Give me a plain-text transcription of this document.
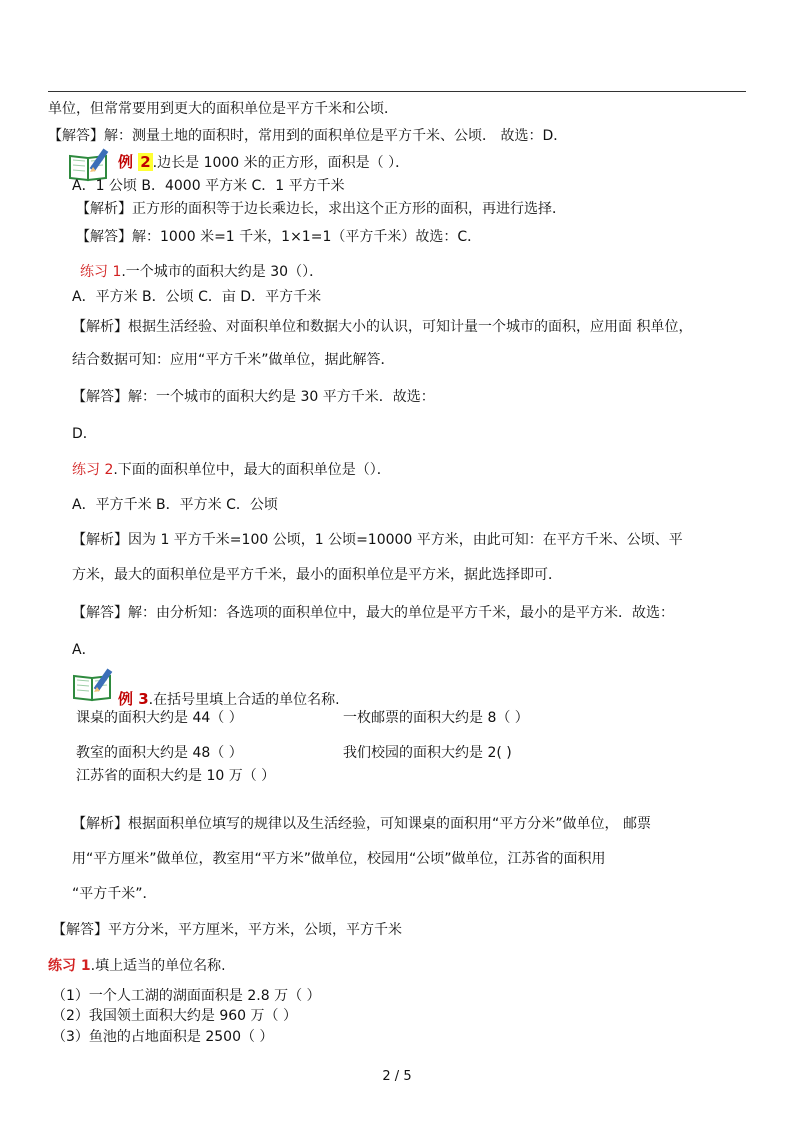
单位，但常常要用到更大的面积单位是平方千米和公顷．
【解答】解：测量土地的面积时，常用到的面积单位是平方千米、公顷． 故选：D．
例 2 .边长是 1000 米的正方形，面积是（ ）．
A．1 公顷 B．4000 平方米 C．1 平方千米
【解析】正方形的面积等于边长乘边长，求出这个正方形的面积，再进行选择．
【解答】解：1000 米=1 千米，1×1=1（平方千米）故选：C．
练习 1.一个城市的面积大约是 30（）．
A．平方米 B．公顷 C．亩 D．平方千米
【解析】根据生活经验、对面积单位和数据大小的认识，可知计量一个城市的面积，应用面 积单位，
结合数据可知：应用“平方千米”做单位，据此解答．
【解答】解：一个城市的面积大约是 30 平方千米．故选：
D．
练习 2.下面的面积单位中，最大的面积单位是（）．
A．平方千米 B．平方米 C．公顷
【解析】因为 1 平方千米=100 公顷，1 公顷=10000 平方米，由此可知：在平方千米、公顷、平
方米，最大的面积单位是平方千米，最小的面积单位是平方米，据此选择即可．
【解答】解：由分析知：各选项的面积单位中，最大的单位是平方千米，最小的是平方米．故选：
A．
例 3.在括号里填上合适的单位名称.
课桌的面积大约是 44（ ）	一枚邮票的面积大约是 8（ ）
教室的面积大约是 48（ ）	我们校园的面积大约是 2( )
江苏省的面积大约是 10 万（ ）
【解析】根据面积单位填写的规律以及生活经验，可知课桌的面积用“平方分米”做单位， 邮票
用“平方厘米”做单位，教室用“平方米”做单位，校园用“公顷”做单位，江苏省的面积用
“平方千米”．
【解答】平方分米，平方厘米，平方米，公顷，平方千米
练习 1.填上适当的单位名称.
（1）一个人工湖的湖面面积是 2.8 万（ ）
（2）我国领土面积大约是 960 万（ ）
（3）鱼池的占地面积是 2500（ ）
2 / 5
